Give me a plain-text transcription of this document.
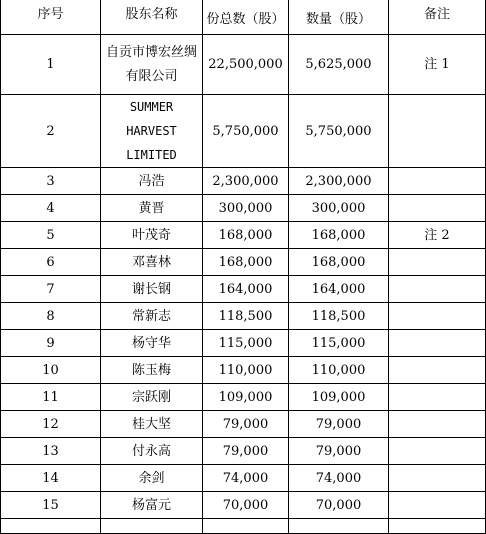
序号	股东名称	份总数（股）	数量（股）	备注
1	自贡市博宏丝绸有限公司	22,500,000	5,625,000	注 1
2	SUMMER HARVEST LIMITED	5,750,000	5,750,000	
3	冯浩	2,300,000	2,300,000	
4	黄晋	300,000	300,000	
5	叶茂奇	168,000	168,000	注 2
6	邓喜林	168,000	168,000	
7	谢长钢	164,000	164,000	
8	常新志	118,500	118,500	
9	杨守华	115,000	115,000	
10	陈玉梅	110,000	110,000	
11	宗跃刚	109,000	109,000	
12	桂大坚	79,000	79,000	
13	付永高	79,000	79,000	
14	余剑	74,000	74,000	
15	杨富元	70,000	70,000	
